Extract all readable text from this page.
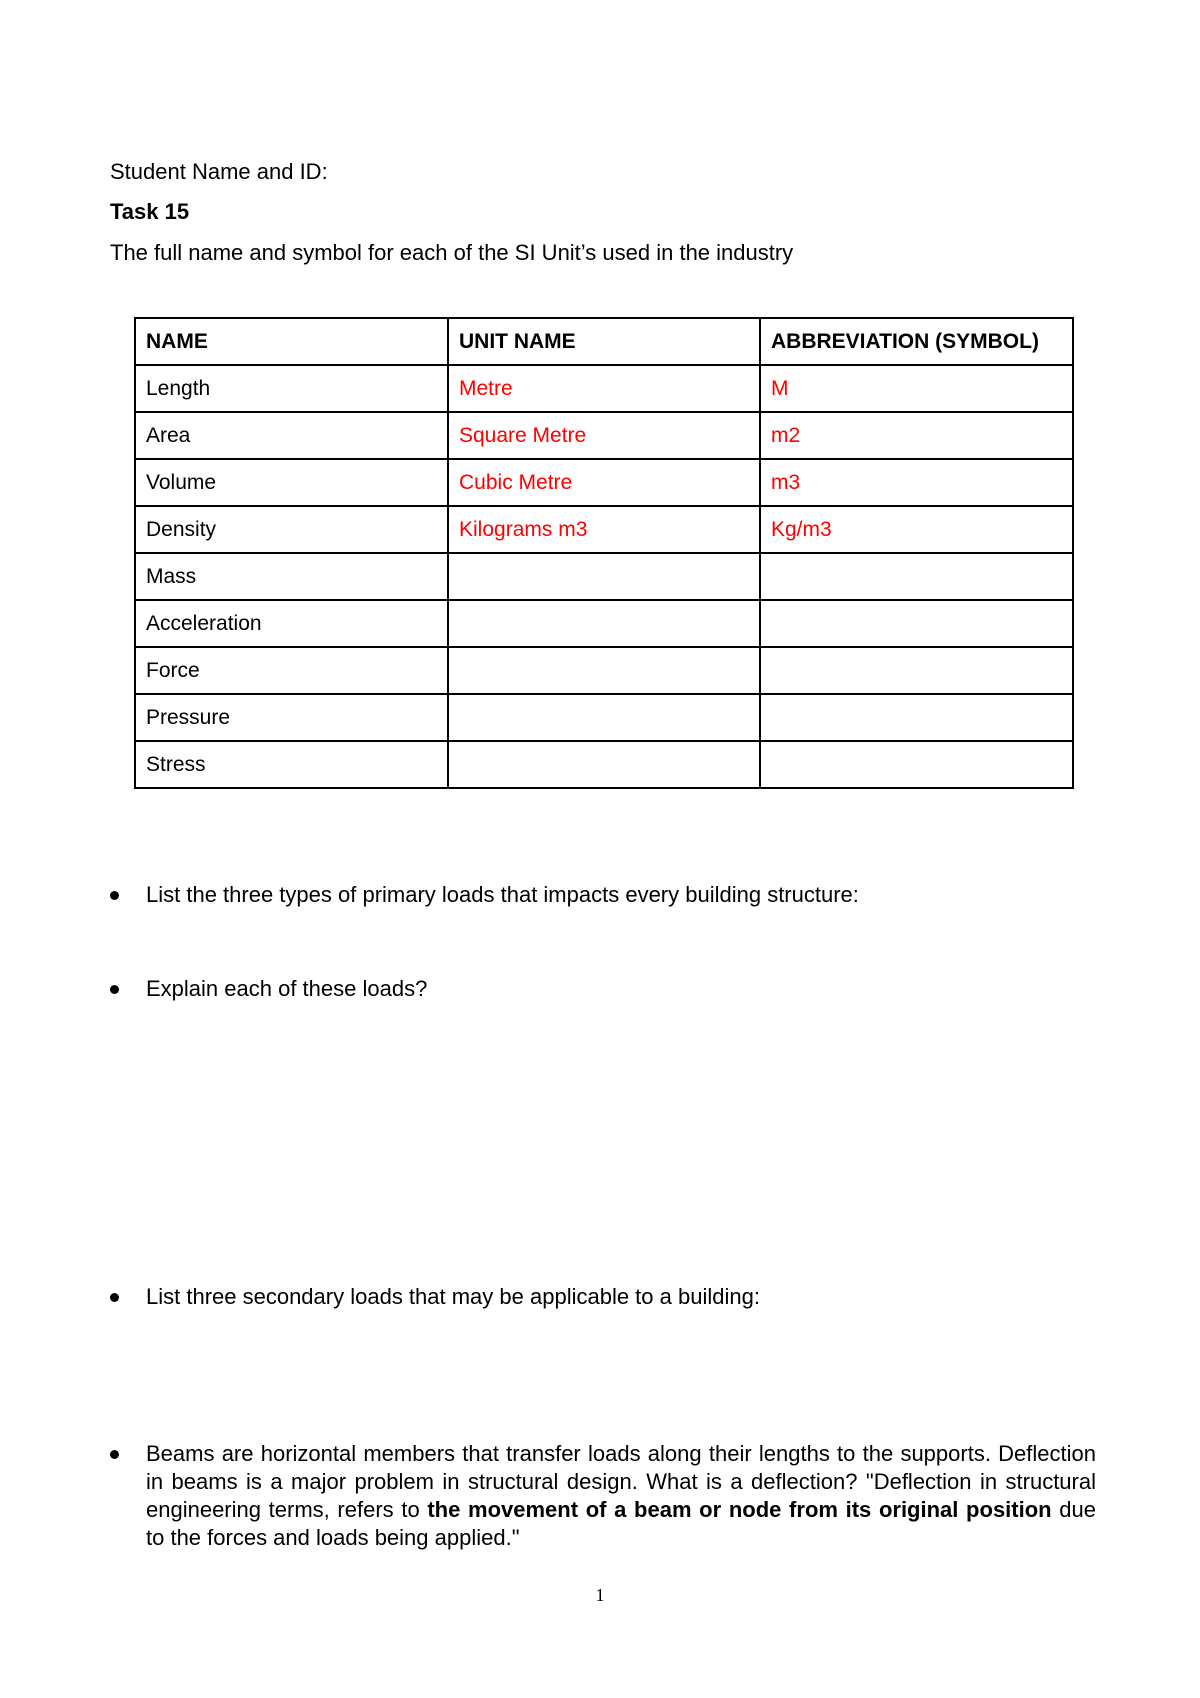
Student Name and ID:
Task 15
The full name and symbol for each of the SI Unit’s used in the industry
NAME	UNIT NAME	ABBREVIATION (SYMBOL)
Length	Metre	M
Area	Square Metre	m2
Volume	Cubic Metre	m3
Density	Kilograms m3	Kg/m3
Mass		
Acceleration		
Force		
Pressure		
Stress		
List the three types of primary loads that impacts every building structure:
Explain each of these loads?
List three secondary loads that may be applicable to a building:
Beams are horizontal members that transfer loads along their lengths to the supports. Deflection in beams is a major problem in structural design. What is a deflection? "Deflection in structural engineering terms, refers to the movement of a beam or node from its original position due to the forces and loads being applied."
1
